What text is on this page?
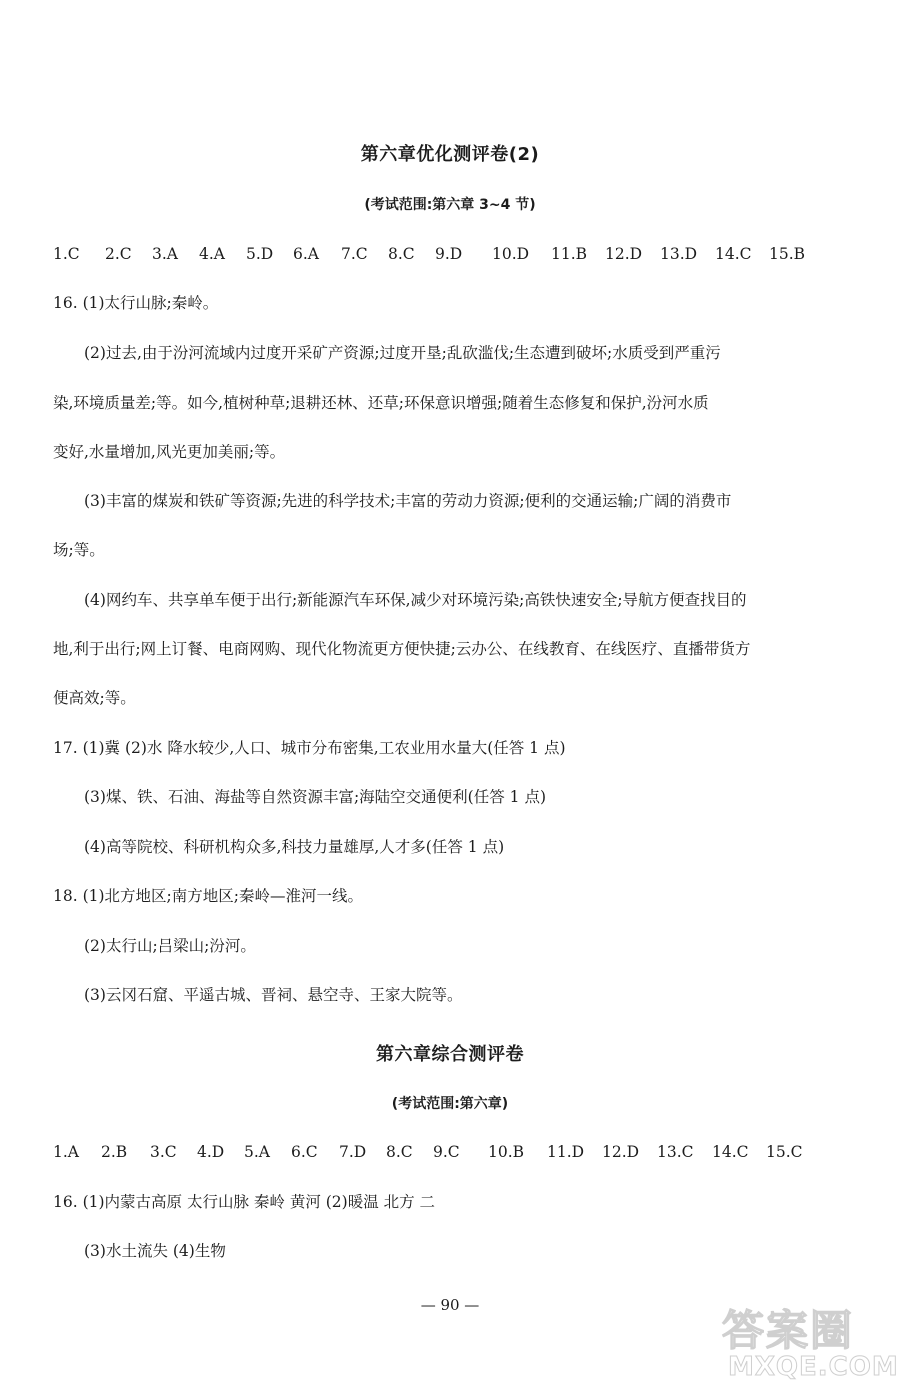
第六章优化测评卷(2)
(考试范围:第六章 3~4 节)
1.C 2.C 3.A 4.A 5.D 6.A 7.C 8.C 9.D 10.D 11.B 12.D 13.D 14.C 15.B
16. (1)太行山脉;秦岭。
(2)过去,由于汾河流域内过度开采矿产资源;过度开垦;乱砍滥伐;生态遭到破坏;水质受到严重污
染,环境质量差;等。如今,植树种草;退耕还林、还草;环保意识增强;随着生态修复和保护,汾河水质
变好,水量增加,风光更加美丽;等。
(3)丰富的煤炭和铁矿等资源;先进的科学技术;丰富的劳动力资源;便利的交通运输;广阔的消费市
场;等。
(4)网约车、共享单车便于出行;新能源汽车环保,减少对环境污染;高铁快速安全;导航方便查找目的
地,利于出行;网上订餐、电商网购、现代化物流更方便快捷;云办公、在线教育、在线医疗、直播带货方
便高效;等。
17. (1)冀 (2)水 降水较少,人口、城市分布密集,工农业用水量大(任答 1 点)
(3)煤、铁、石油、海盐等自然资源丰富;海陆空交通便利(任答 1 点)
(4)高等院校、科研机构众多,科技力量雄厚,人才多(任答 1 点)
18. (1)北方地区;南方地区;秦岭—淮河一线。
(2)太行山;吕梁山;汾河。
(3)云冈石窟、平遥古城、晋祠、悬空寺、王家大院等。
第六章综合测评卷
(考试范围:第六章)
1.A 2.B 3.C 4.D 5.A 6.C 7.D 8.C 9.C 10.B 11.D 12.D 13.C 14.C 15.C
16. (1)内蒙古高原 太行山脉 秦岭 黄河 (2)暖温 北方 二
(3)水土流失 (4)生物
— 90 —
答案圈
MXQE.COM
